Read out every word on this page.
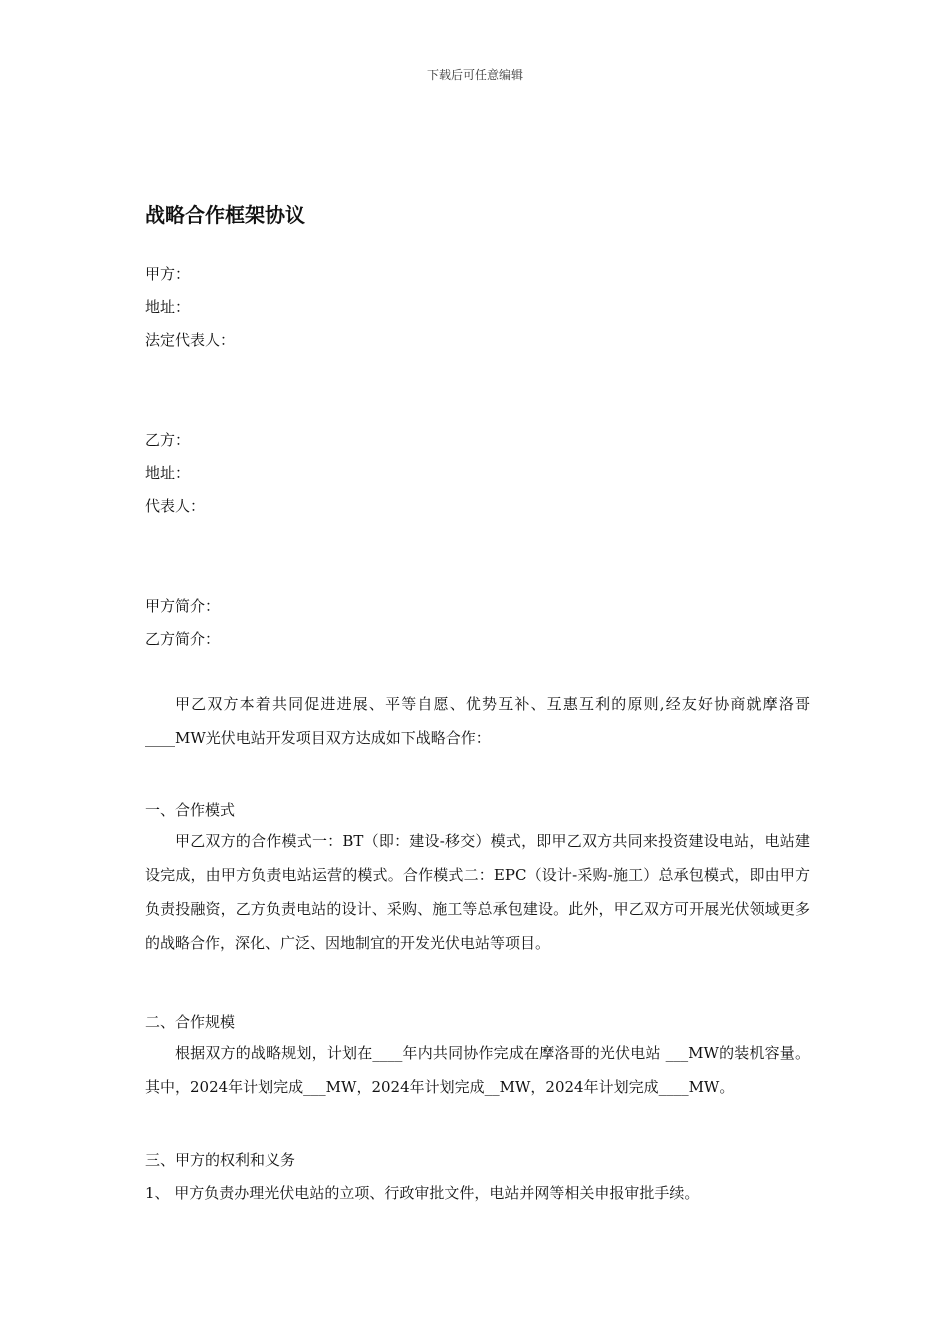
下载后可任意编辑
战略合作框架协议
甲方：
地址：
法定代表人：
乙方：
地址：
代表人：
甲方简介：
乙方简介：
甲乙双方本着共同促进进展、平等自愿、优势互补、互惠互利的原则,经友好协商就摩洛哥____MW光伏电站开发项目双方达成如下战略合作：
一、合作模式
甲乙双方的合作模式一：BT（即：建设-移交）模式，即甲乙双方共同来投资建设电站，电站建设完成，由甲方负责电站运营的模式。合作模式二：EPC（设计-采购-施工）总承包模式，即由甲方负责投融资，乙方负责电站的设计、采购、施工等总承包建设。此外，甲乙双方可开展光伏领域更多的战略合作，深化、广泛、因地制宜的开发光伏电站等项目。
二、合作规模
根据双方的战略规划，计划在____年内共同协作完成在摩洛哥的光伏电站 ___MW的装机容量。其中，2024年计划完成___MW，2024年计划完成__MW，2024年计划完成____MW。
三、甲方的权利和义务
1、 甲方负责办理光伏电站的立项、行政审批文件，电站并网等相关申报审批手续。
